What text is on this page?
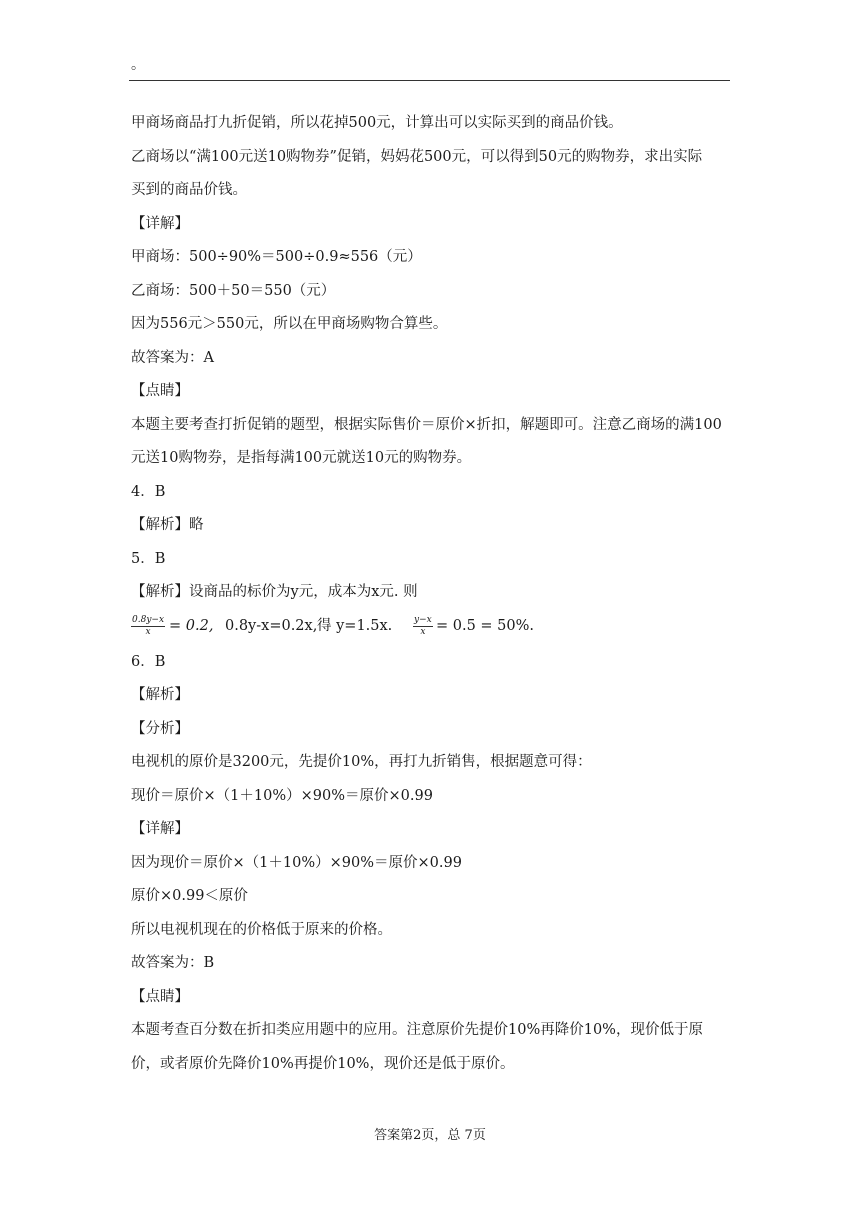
。
甲商场商品打九折促销，所以花掉500元，计算出可以实际买到的商品价钱。
乙商场以“满100元送10购物券”促销，妈妈花500元，可以得到50元的购物券，求出实际
买到的商品价钱。
【详解】
甲商场：500÷90%＝500÷0.9≈556（元）
乙商场：500＋50＝550（元）
因为556元＞550元，所以在甲商场购物合算些。
故答案为：A
【点睛】
本题主要考查打折促销的题型，根据实际售价＝原价×折扣，解题即可。注意乙商场的满100
元送10购物券，是指每满100元就送10元的购物券。
4．B
【解析】略
5．B
【解析】设商品的标价为y元，成本为x元. 则
$\frac{0.8y-x}{x} = 0.2$, 0.8y-x=0.2x, 得 y=1.5x. $\frac{y-x}{x} = 0.5 = 50\%$.
6．B
【解析】
【分析】
电视机的原价是3200元，先提价10%，再打九折销售，根据题意可得：
现价＝原价×（1＋10%）×90%＝原价×0.99
【详解】
因为现价＝原价×（1＋10%）×90%＝原价×0.99
原价×0.99＜原价
所以电视机现在的价格低于原来的价格。
故答案为：B
【点睛】
本题考查百分数在折扣类应用题中的应用。注意原价先提价10%再降价10%，现价低于原
价，或者原价先降价10%再提价10%，现价还是低于原价。
答案第2页，总 7页
